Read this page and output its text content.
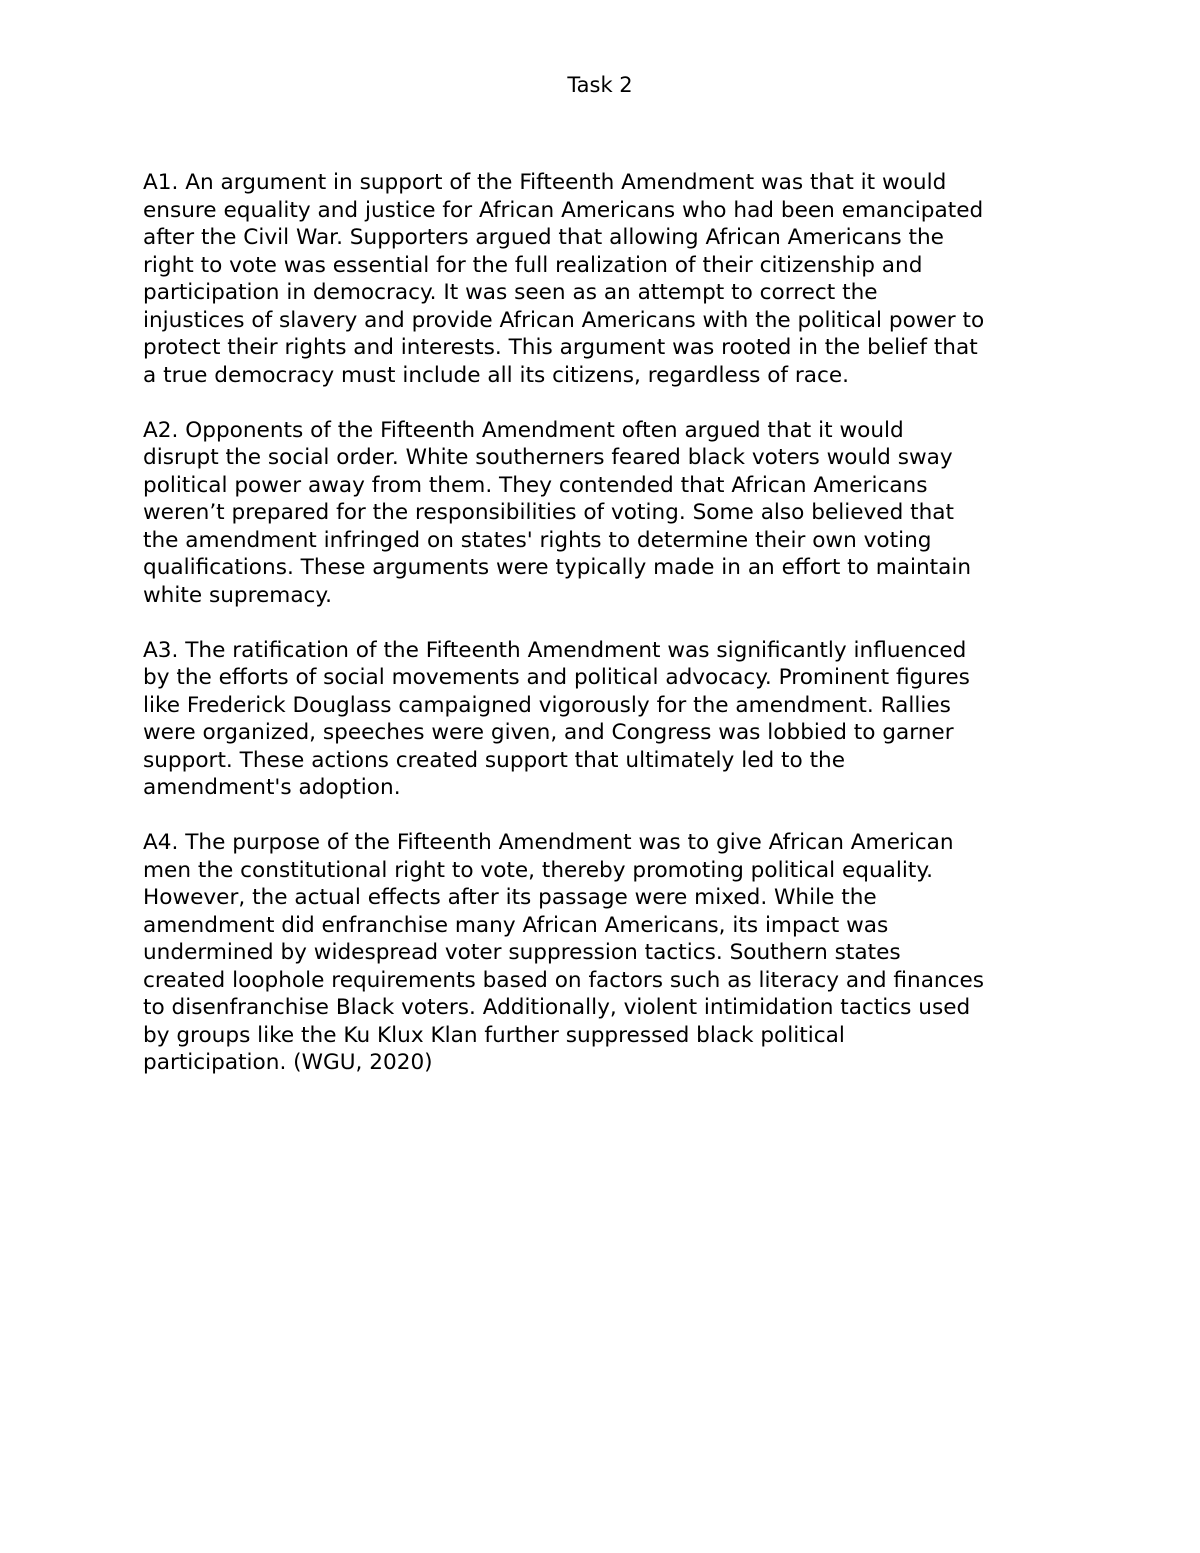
Task 2

A1. An argument in support of the Fifteenth Amendment was that it would
ensure equality and justice for African Americans who had been emancipated
after the Civil War. Supporters argued that allowing African Americans the
right to vote was essential for the full realization of their citizenship and
participation in democracy. It was seen as an attempt to correct the
injustices of slavery and provide African Americans with the political power to
protect their rights and interests. This argument was rooted in the belief that
a true democracy must include all its citizens, regardless of race.

A2. Opponents of the Fifteenth Amendment often argued that it would
disrupt the social order. White southerners feared black voters would sway
political power away from them. They contended that African Americans
weren’t prepared for the responsibilities of voting. Some also believed that
the amendment infringed on states' rights to determine their own voting
qualifications. These arguments were typically made in an effort to maintain
white supremacy.

A3. The ratification of the Fifteenth Amendment was significantly influenced
by the efforts of social movements and political advocacy. Prominent figures
like Frederick Douglass campaigned vigorously for the amendment. Rallies
were organized, speeches were given, and Congress was lobbied to garner
support. These actions created support that ultimately led to the
amendment's adoption.

A4. The purpose of the Fifteenth Amendment was to give African American
men the constitutional right to vote, thereby promoting political equality.
However, the actual effects after its passage were mixed. While the
amendment did enfranchise many African Americans, its impact was
undermined by widespread voter suppression tactics. Southern states
created loophole requirements based on factors such as literacy and finances
to disenfranchise Black voters. Additionally, violent intimidation tactics used
by groups like the Ku Klux Klan further suppressed black political
participation. (WGU, 2020)
